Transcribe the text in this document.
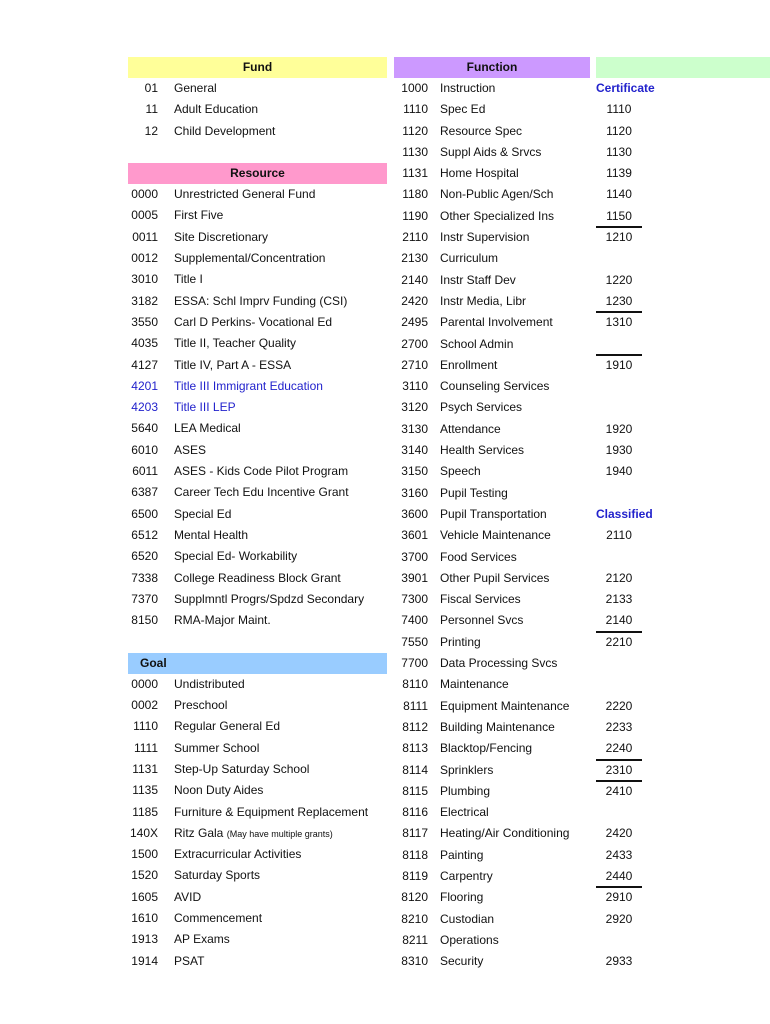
Fund
01 General
11 Adult Education
12 Child Development
Resource
0000 Unrestricted General Fund
0005 First Five
0011 Site Discretionary
0012 Supplemental/Concentration
3010 Title I
3182 ESSA: Schl Imprv Funding (CSI)
3550 Carl D Perkins- Vocational Ed
4035 Title II, Teacher Quality
4127 Title IV, Part A - ESSA
4201 Title III Immigrant Education
4203 Title III LEP
5640 LEA Medical
6010 ASES
6011 ASES - Kids Code Pilot Program
6387 Career Tech Edu Incentive Grant
6500 Special Ed
6512 Mental Health
6520 Special Ed- Workability
7338 College Readiness Block Grant
7370 Supplmntl Progrs/Spdzd Secondary
8150 RMA-Major Maint.
Goal
0000 Undistributed
0002 Preschool
1110 Regular General Ed
1111 Summer School
1131 Step-Up Saturday School
1135 Noon Duty Aides
1185 Furniture & Equipment Replacement
140X Ritz Gala (May have multiple grants)
1500 Extracurricular Activities
1520 Saturday Sports
1605 AVID
1610 Commencement
1913 AP Exams
1914 PSAT
Function
1000 Instruction
1110 Spec Ed
1120 Resource Spec
1130 Suppl Aids & Srvcs
1131 Home Hospital
1180 Non-Public Agen/Sch
1190 Other Specialized Ins
2110 Instr Supervision
2130 Curriculum
2140 Instr Staff Dev
2420 Instr Media, Libr
2495 Parental Involvement
2700 School Admin
2710 Enrollment
3110 Counseling Services
3120 Psych Services
3130 Attendance
3140 Health Services
3150 Speech
3160 Pupil Testing
3600 Pupil Transportation
3601 Vehicle Maintenance
3700 Food Services
3901 Other Pupil Services
7300 Fiscal Services
7400 Personnel Svcs
7550 Printing
7700 Data Processing Svcs
8110 Maintenance
8111 Equipment Maintenance
8112 Building Maintenance
8113 Blacktop/Fencing
8114 Sprinklers
8115 Plumbing
8116 Electrical
8117 Heating/Air Conditioning
8118 Painting
8119 Carpentry
8120 Flooring
8210 Custodian
8211 Operations
8310 Security
Certificate
1110
1120
1130
1139
1140
1150
1210
1220
1230
1310
1910
1920
1930
1940
Classified
2110
2120
2133
2140
2210
2220
2233
2240
2310
2410
2420
2433
2440
2910
2920
2933
